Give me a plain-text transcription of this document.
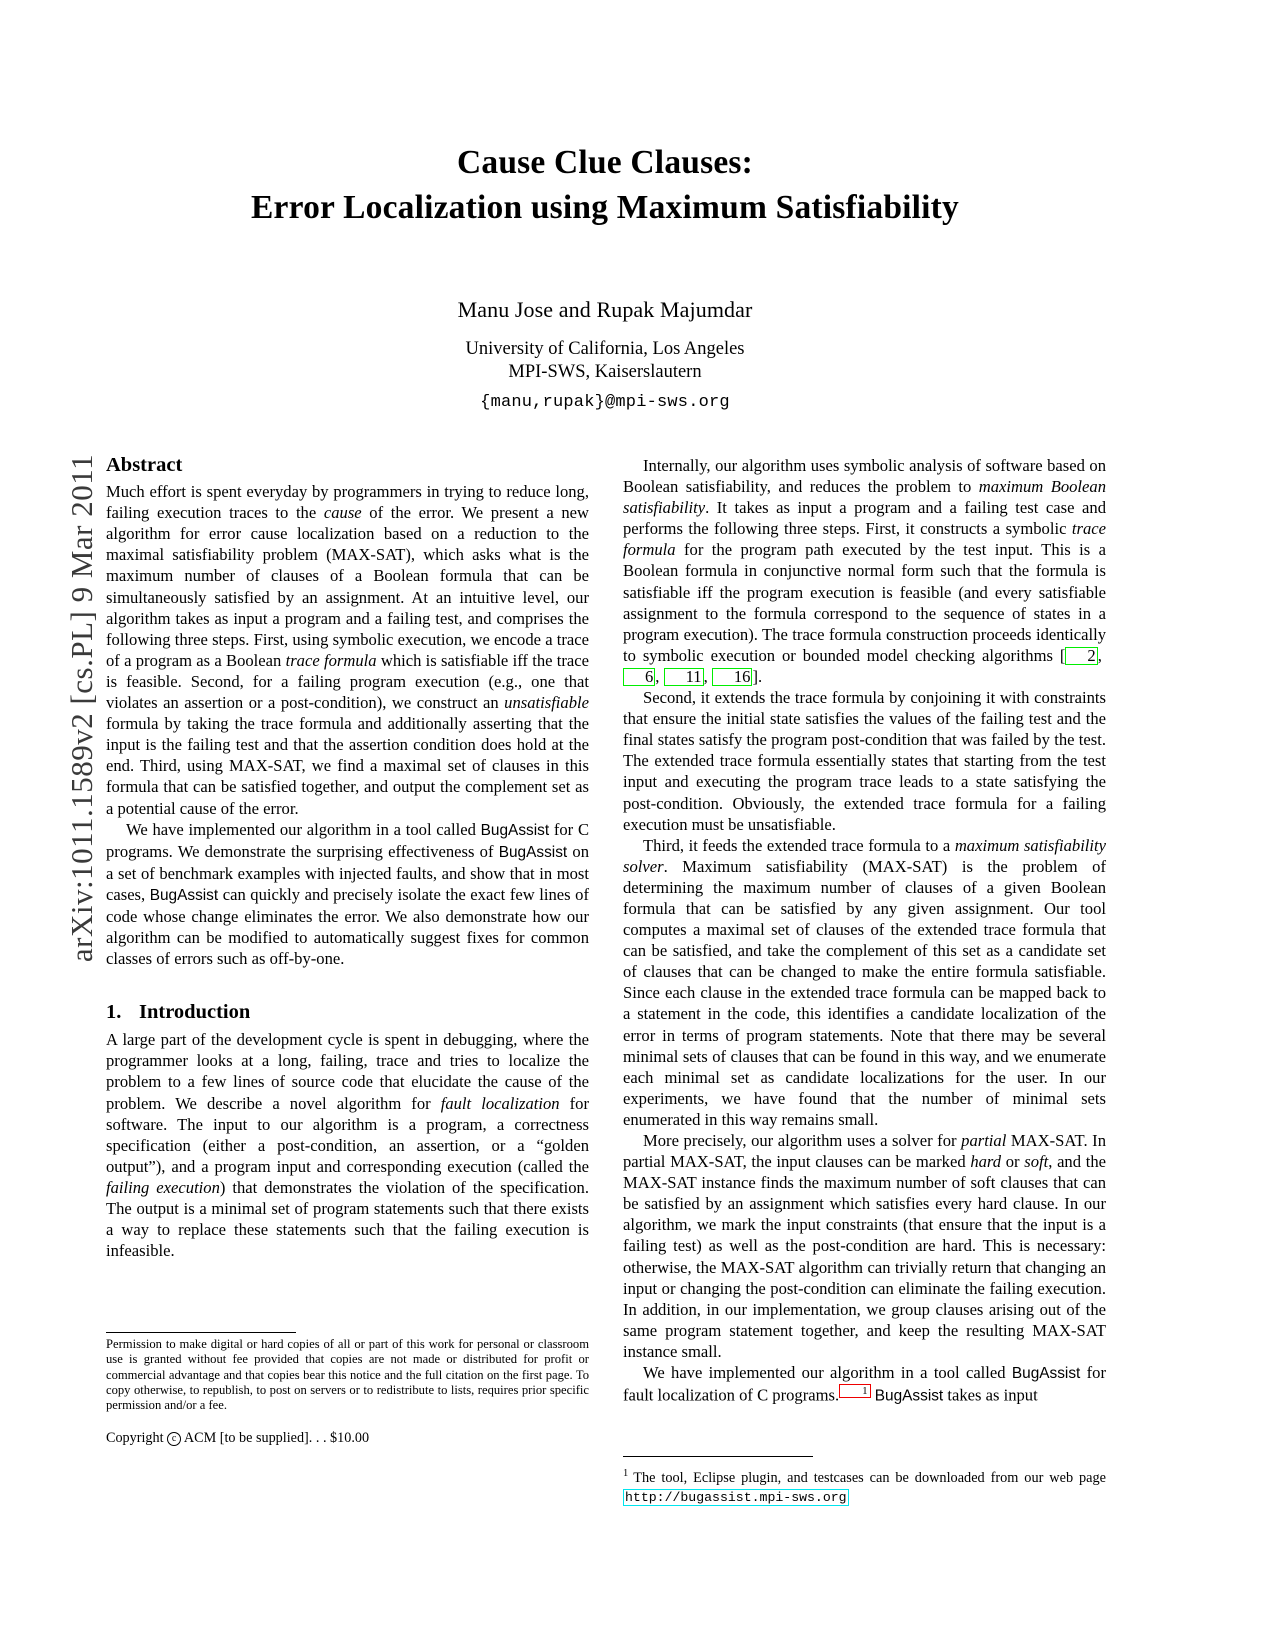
arXiv:1011.1589v2 [cs.PL] 9 Mar 2011
Cause Clue Clauses:
Error Localization using Maximum Satisfiability
Manu Jose and Rupak Majumdar
University of California, Los Angeles
MPI-SWS, Kaiserslautern
{manu,rupak}@mpi-sws.org
Abstract

Much effort is spent everyday by programmers in trying to reduce long, failing execution traces to the cause of the error. We present a new algorithm for error cause localization based on a reduction to the maximal satisfiability problem (MAX-SAT), which asks what is the maximum number of clauses of a Boolean formula that can be simultaneously satisfied by an assignment. At an intuitive level, our algorithm takes as input a program and a failing test, and comprises the following three steps. First, using symbolic execution, we encode a trace of a program as a Boolean trace formula which is satisfiable iff the trace is feasible. Second, for a failing program execution (e.g., one that violates an assertion or a post-condition), we construct an unsatisfiable formula by taking the trace formula and additionally asserting that the input is the failing test and that the assertion condition does hold at the end. Third, using MAX-SAT, we find a maximal set of clauses in this formula that can be satisfied together, and output the complement set as a potential cause of the error.

We have implemented our algorithm in a tool called BugAssist for C programs. We demonstrate the surprising effectiveness of BugAssist on a set of benchmark examples with injected faults, and show that in most cases, BugAssist can quickly and precisely isolate the exact few lines of code whose change eliminates the error. We also demonstrate how our algorithm can be modified to automatically suggest fixes for common classes of errors such as off-by-one.

1. Introduction

A large part of the development cycle is spent in debugging, where the programmer looks at a long, failing, trace and tries to localize the problem to a few lines of source code that elucidate the cause of the problem. We describe a novel algorithm for fault localization for software. The input to our algorithm is a program, a correctness specification (either a post-condition, an assertion, or a “golden output”), and a program input and corresponding execution (called the failing execution) that demonstrates the violation of the specification. The output is a minimal set of program statements such that there exists a way to replace these statements such that the failing execution is infeasible.

Permission to make digital or hard copies of all or part of this work for personal or classroom use is granted without fee provided that copies are not made or distributed for profit or commercial advantage and that copies bear this notice and the full citation on the first page. To copy otherwise, to republish, to post on servers or to redistribute to lists, requires prior specific permission and/or a fee.
Copyright c ACM [to be supplied]. . . $10.00

Internally, our algorithm uses symbolic analysis of software based on Boolean satisfiability, and reduces the problem to maximum Boolean satisfiability. It takes as input a program and a failing test case and performs the following three steps. First, it constructs a symbolic trace formula for the program path executed by the test input. This is a Boolean formula in conjunctive normal form such that the formula is satisfiable iff the program execution is feasible (and every satisfiable assignment to the formula correspond to the sequence of states in a program execution). The trace formula construction proceeds identically to symbolic execution or bounded model checking algorithms [ 2 , 6 , 11 , 16 ].

Second, it extends the trace formula by conjoining it with constraints that ensure the initial state satisfies the values of the failing test and the final states satisfy the program post-condition that was failed by the test. The extended trace formula essentially states that starting from the test input and executing the program trace leads to a state satisfying the post-condition. Obviously, the extended trace formula for a failing execution must be unsatisfiable.

Third, it feeds the extended trace formula to a maximum satisfiability solver. Maximum satisfiability (MAX-SAT) is the problem of determining the maximum number of clauses of a given Boolean formula that can be satisfied by any given assignment. Our tool computes a maximal set of clauses of the extended trace formula that can be satisfied, and take the complement of this set as a candidate set of clauses that can be changed to make the entire formula satisfiable. Since each clause in the extended trace formula can be mapped back to a statement in the code, this identifies a candidate localization of the error in terms of program statements. Note that there may be several minimal sets of clauses that can be found in this way, and we enumerate each minimal set as candidate localizations for the user. In our experiments, we have found that the number of minimal sets enumerated in this way remains small.

More precisely, our algorithm uses a solver for partial MAX-SAT. In partial MAX-SAT, the input clauses can be marked hard or soft, and the MAX-SAT instance finds the maximum number of soft clauses that can be satisfied by an assignment which satisfies every hard clause. In our algorithm, we mark the input constraints (that ensure that the input is a failing test) as well as the post-condition are hard. This is necessary: otherwise, the MAX-SAT algorithm can trivially return that changing an input or changing the post-condition can eliminate the failing execution. In addition, in our implementation, we group clauses arising out of the same program statement together, and keep the resulting MAX-SAT instance small.

We have implemented our algorithm in a tool called BugAssist for fault localization of C programs. 1 BugAssist takes as input

$^1$ The tool, Eclipse plugin, and testcases can be downloaded from our web page http://bugassist.mpi-sws.org
